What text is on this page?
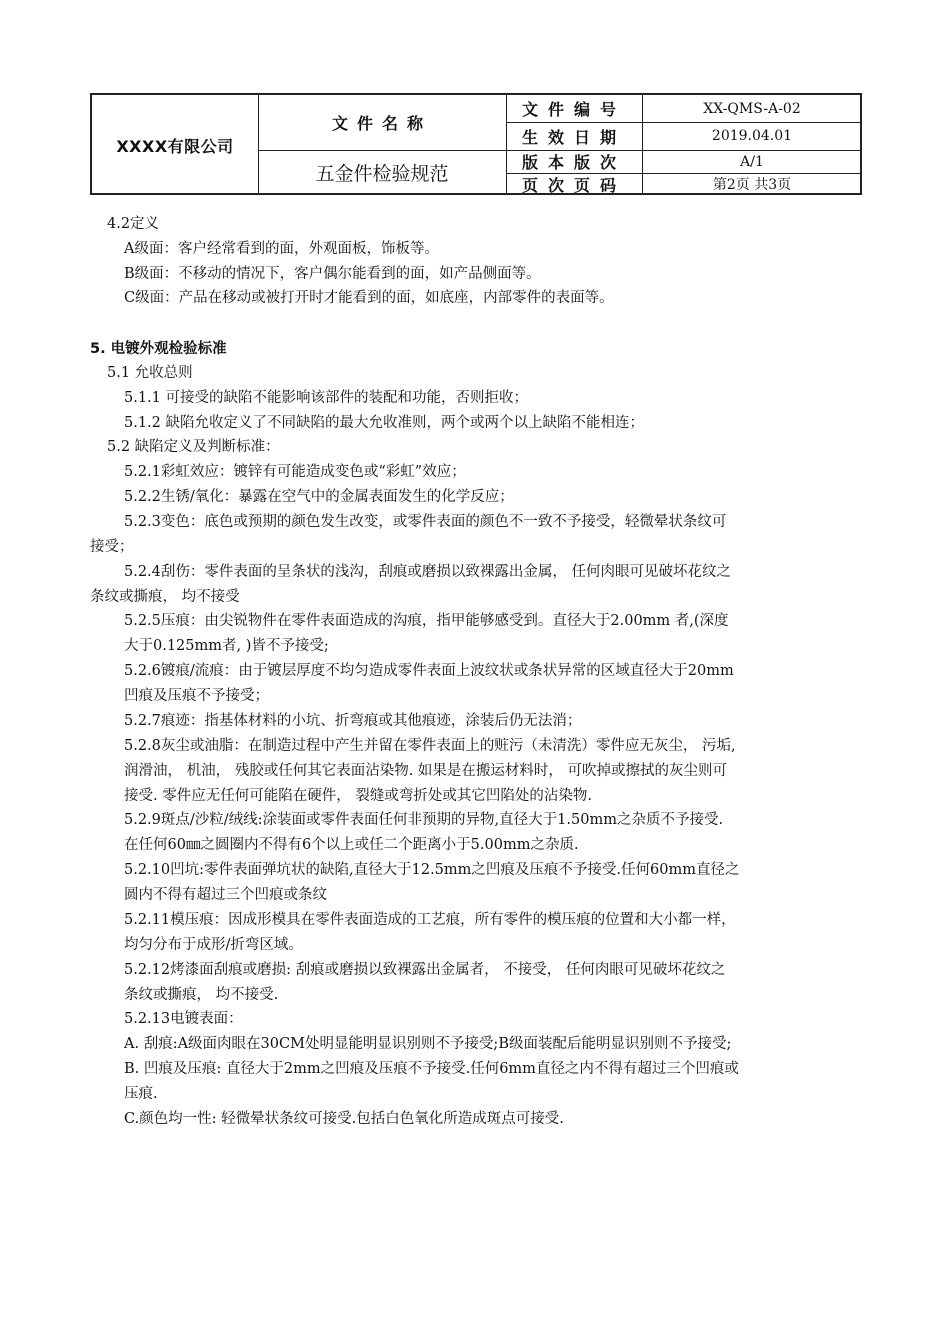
XXXX有限公司
文件名称
五金件检验规范
文件编号	XX-QMS-A-02
生效日期	2019.04.01
版本版次	A/1
页次页码	第2页 共3页
4.2定义
A级面：客户经常看到的面，外观面板，饰板等。
B级面：不移动的情况下，客户偶尔能看到的面，如产品侧面等。
C级面：产品在移动或被打开时才能看到的面，如底座，内部零件的表面等。
5. 电镀外观检验标准
5.1 允收总则
5.1.1 可接受的缺陷不能影响该部件的装配和功能，否则拒收；
5.1.2 缺陷允收定义了不同缺陷的最大允收准则，两个或两个以上缺陷不能相连；
5.2 缺陷定义及判断标准：
5.2.1彩虹效应：镀锌有可能造成变色或“彩虹”效应；
5.2.2生锈/氧化：暴露在空气中的金属表面发生的化学反应；
5.2.3变色：底色或预期的颜色发生改变，或零件表面的颜色不一致不予接受，轻微晕状条纹可
接受；
5.2.4刮伤：零件表面的呈条状的浅沟，刮痕或磨损以致裸露出金属， 任何肉眼可见破坏花纹之
条纹或撕痕， 均不接受
5.2.5压痕：由尖锐物件在零件表面造成的沟痕，指甲能够感受到。直径大于2.00mm 者,(深度
大于0.125mm者, )皆不予接受;
5.2.6镀痕/流痕：由于镀层厚度不均匀造成零件表面上波纹状或条状异常的区域直径大于20mm
凹痕及压痕不予接受；
5.2.7痕迹：指基体材料的小坑、折弯痕或其他痕迹，涂装后仍无法消；
5.2.8灰尘或油脂：在制造过程中产生并留在零件表面上的赃污（未清洗）零件应无灰尘， 污垢,
润滑油， 机油， 残胶或任何其它表面沾染物. 如果是在搬运材料时， 可吹掉或擦拭的灰尘则可
接受. 零件应无任何可能陷在硬件， 裂缝或弯折处或其它凹陷处的沾染物.
5.2.9斑点/沙粒/绒线:涂装面或零件表面任何非预期的异物,直径大于1.50mm之杂质不予接受.
在任何60㎜之圆圈内不得有6个以上或任二个距离小于5.00mm之杂质.
5.2.10凹坑:零件表面弹坑状的缺陷,直径大于12.5mm之凹痕及压痕不予接受.任何60mm直径之
圆内不得有超过三个凹痕或条纹
5.2.11模压痕：因成形模具在零件表面造成的工艺痕，所有零件的模压痕的位置和大小都一样，
均匀分布于成形/折弯区域。
5.2.12烤漆面刮痕或磨损: 刮痕或磨损以致裸露出金属者， 不接受， 任何肉眼可见破坏花纹之
条纹或撕痕， 均不接受.
5.2.13电镀表面：
A. 刮痕:A级面肉眼在30CM处明显能明显识别则不予接受;B级面装配后能明显识别则不予接受;
B. 凹痕及压痕: 直径大于2mm之凹痕及压痕不予接受.任何6mm直径之内不得有超过三个凹痕或
压痕.
C.颜色均一性: 轻微晕状条纹可接受.包括白色氧化所造成斑点可接受.
